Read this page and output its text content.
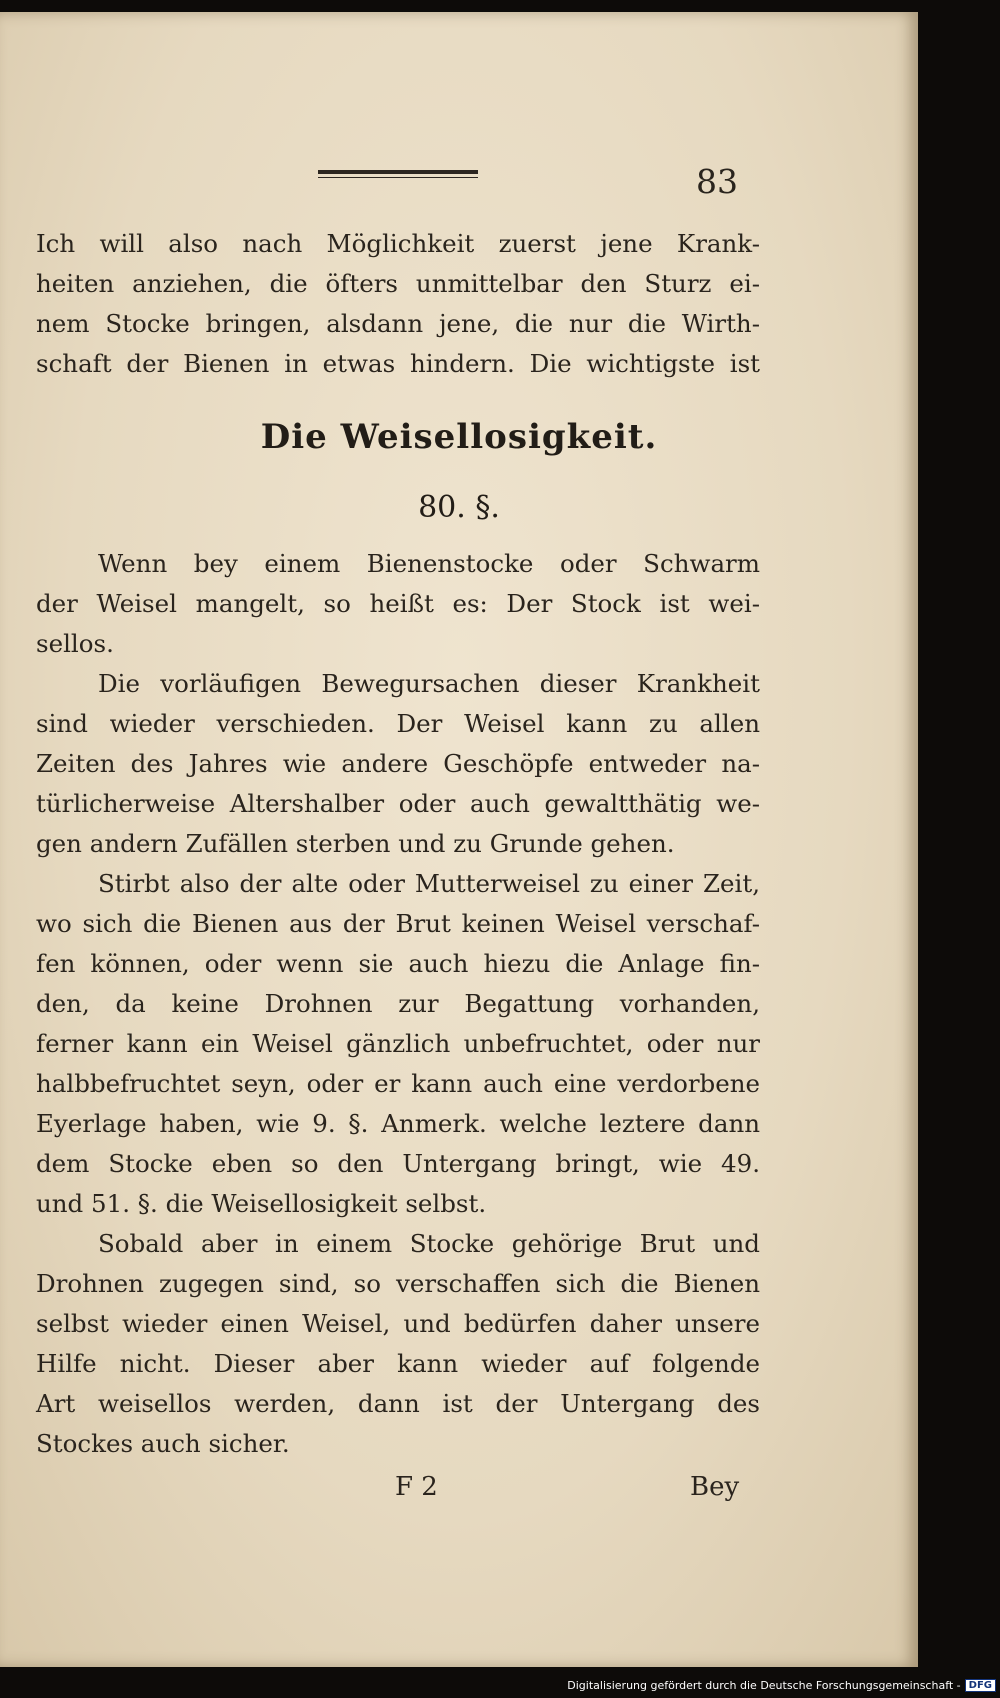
83
Ich will also nach Möglichkeit zuerst jene Krank-
heiten anziehen, die öfters unmittelbar den Sturz ei-
nem Stocke bringen, alsdann jene, die nur die Wirth-
schaft der Bienen in etwas hindern. Die wichtigste ist
Die Weisellosigkeit.
80. §.
Wenn bey einem Bienenstocke oder Schwarm
der Weisel mangelt, so heißt es: Der Stock ist wei-
sellos.
Die vorläufigen Bewegursachen dieser Krankheit
sind wieder verschieden. Der Weisel kann zu allen
Zeiten des Jahres wie andere Geschöpfe entweder na-
türlicherweise Altershalber oder auch gewaltthätig we-
gen andern Zufällen sterben und zu Grunde gehen.
Stirbt also der alte oder Mutterweisel zu einer Zeit,
wo sich die Bienen aus der Brut keinen Weisel verschaf-
fen können, oder wenn sie auch hiezu die Anlage fin-
den, da keine Drohnen zur Begattung vorhanden,
ferner kann ein Weisel gänzlich unbefruchtet, oder nur
halbbefruchtet seyn, oder er kann auch eine verdorbene
Eyerlage haben, wie 9. §. Anmerk. welche leztere dann
dem Stocke eben so den Untergang bringt, wie 49.
und 51. §. die Weisellosigkeit selbst.
Sobald aber in einem Stocke gehörige Brut und
Drohnen zugegen sind, so verschaffen sich die Bienen
selbst wieder einen Weisel, und bedürfen daher unsere
Hilfe nicht. Dieser aber kann wieder auf folgende
Art weisellos werden, dann ist der Untergang des
Stockes auch sicher.
F 2	Bey
Digitalisierung gefördert durch die Deutsche Forschungsgemeinschaft - DFG
